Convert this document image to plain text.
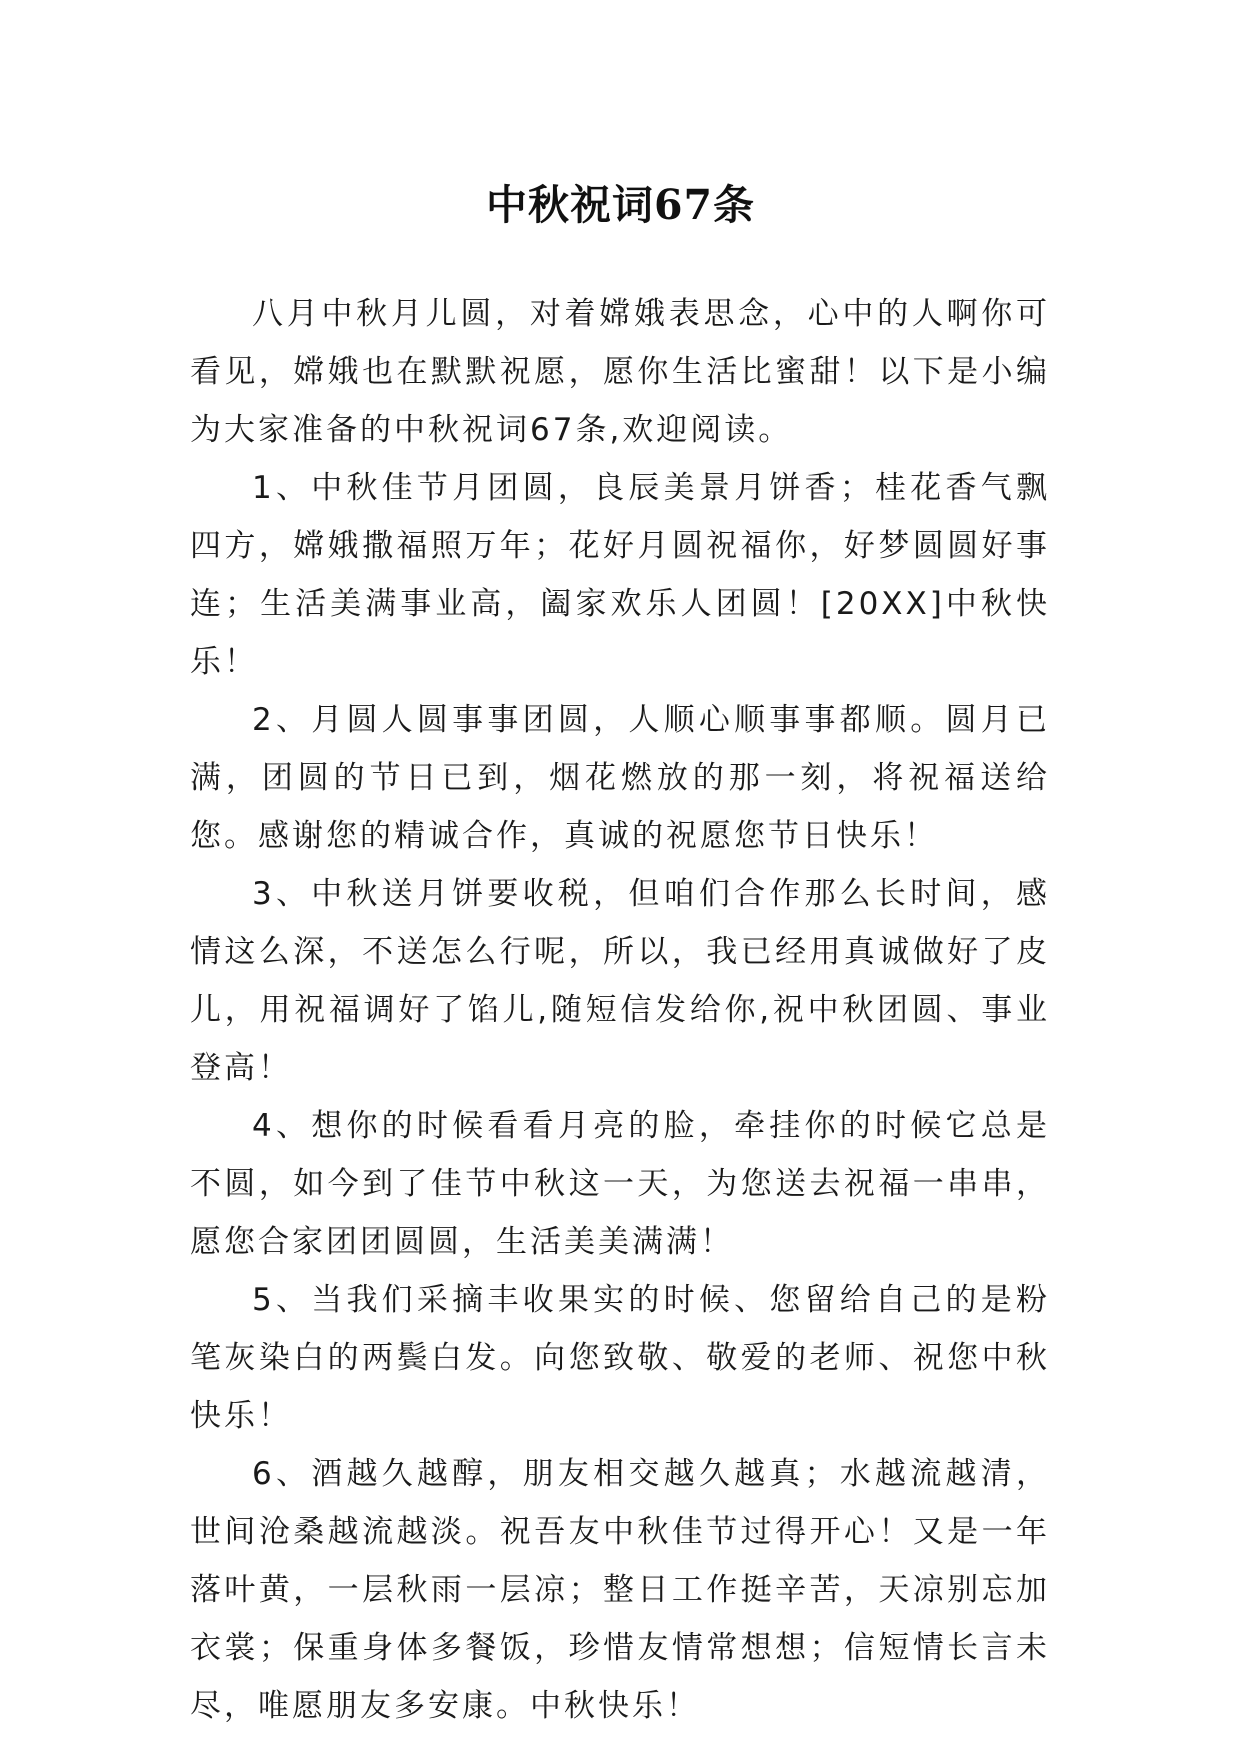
中秋祝词67条

八月中秋月儿圆，对着嫦娥表思念，心中的人啊你可看见，嫦娥也在默默祝愿，愿你生活比蜜甜！以下是小编为大家准备的中秋祝词67条,欢迎阅读。

1、中秋佳节月团圆，良辰美景月饼香；桂花香气飘四方，嫦娥撒福照万年；花好月圆祝福你，好梦圆圆好事连；生活美满事业高，阖家欢乐人团圆！[20XX]中秋快乐！

2、月圆人圆事事团圆，人顺心顺事事都顺。圆月已满，团圆的节日已到，烟花燃放的那一刻，将祝福送给您。感谢您的精诚合作，真诚的祝愿您节日快乐！

3、中秋送月饼要收税，但咱们合作那么长时间，感情这么深，不送怎么行呢，所以，我已经用真诚做好了皮儿，用祝福调好了馅儿,随短信发给你,祝中秋团圆、事业登高！

4、想你的时候看看月亮的脸，牵挂你的时候它总是不圆，如今到了佳节中秋这一天，为您送去祝福一串串，愿您合家团团圆圆，生活美美满满！

5、当我们采摘丰收果实的时候、您留给自己的是粉笔灰染白的两鬓白发。向您致敬、敬爱的老师、祝您中秋快乐！

6、酒越久越醇，朋友相交越久越真；水越流越清，世间沧桑越流越淡。祝吾友中秋佳节过得开心！又是一年落叶黄，一层秋雨一层凉；整日工作挺辛苦，天凉别忘加衣裳；保重身体多餐饭，珍惜友情常想想；信短情长言未尽，唯愿朋友多安康。中秋快乐！
